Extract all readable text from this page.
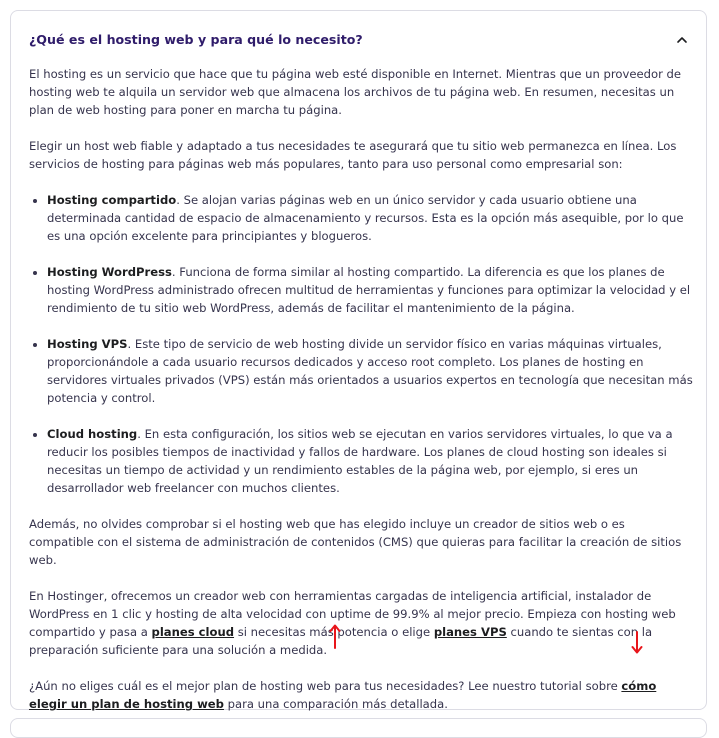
¿Qué es el hosting web y para qué lo necesito?

El hosting es un servicio que hace que tu página web esté disponible en Internet. Mientras que un proveedor de hosting web te alquila un servidor web que almacena los archivos de tu página web. En resumen, necesitas un plan de web hosting para poner en marcha tu página.

Elegir un host web fiable y adaptado a tus necesidades te asegurará que tu sitio web permanezca en línea. Los servicios de hosting para páginas web más populares, tanto para uso personal como empresarial son:

• Hosting compartido. Se alojan varias páginas web en un único servidor y cada usuario obtiene una determinada cantidad de espacio de almacenamiento y recursos. Esta es la opción más asequible, por lo que es una opción excelente para principiantes y blogueros.
• Hosting WordPress. Funciona de forma similar al hosting compartido. La diferencia es que los planes de hosting WordPress administrado ofrecen multitud de herramientas y funciones para optimizar la velocidad y el rendimiento de tu sitio web WordPress, además de facilitar el mantenimiento de la página.
• Hosting VPS. Este tipo de servicio de web hosting divide un servidor físico en varias máquinas virtuales, proporcionándole a cada usuario recursos dedicados y acceso root completo. Los planes de hosting en servidores virtuales privados (VPS) están más orientados a usuarios expertos en tecnología que necesitan más potencia y control.
• Cloud hosting. En esta configuración, los sitios web se ejecutan en varios servidores virtuales, lo que va a reducir los posibles tiempos de inactividad y fallos de hardware. Los planes de cloud hosting son ideales si necesitas un tiempo de actividad y un rendimiento estables de la página web, por ejemplo, si eres un desarrollador web freelancer con muchos clientes.

Además, no olvides comprobar si el hosting web que has elegido incluye un creador de sitios web o es compatible con el sistema de administración de contenidos (CMS) que quieras para facilitar la creación de sitios web.

En Hostinger, ofrecemos un creador web con herramientas cargadas de inteligencia artificial, instalador de WordPress en 1 clic y hosting de alta velocidad con uptime de 99.9% al mejor precio. Empieza con hosting web compartido y pasa a planes cloud si necesitas más potencia o elige planes VPS cuando te sientas con la preparación suficiente para una solución a medida.

¿Aún no eliges cuál es el mejor plan de hosting web para tus necesidades? Lee nuestro tutorial sobre cómo elegir un plan de hosting web para una comparación más detallada.
